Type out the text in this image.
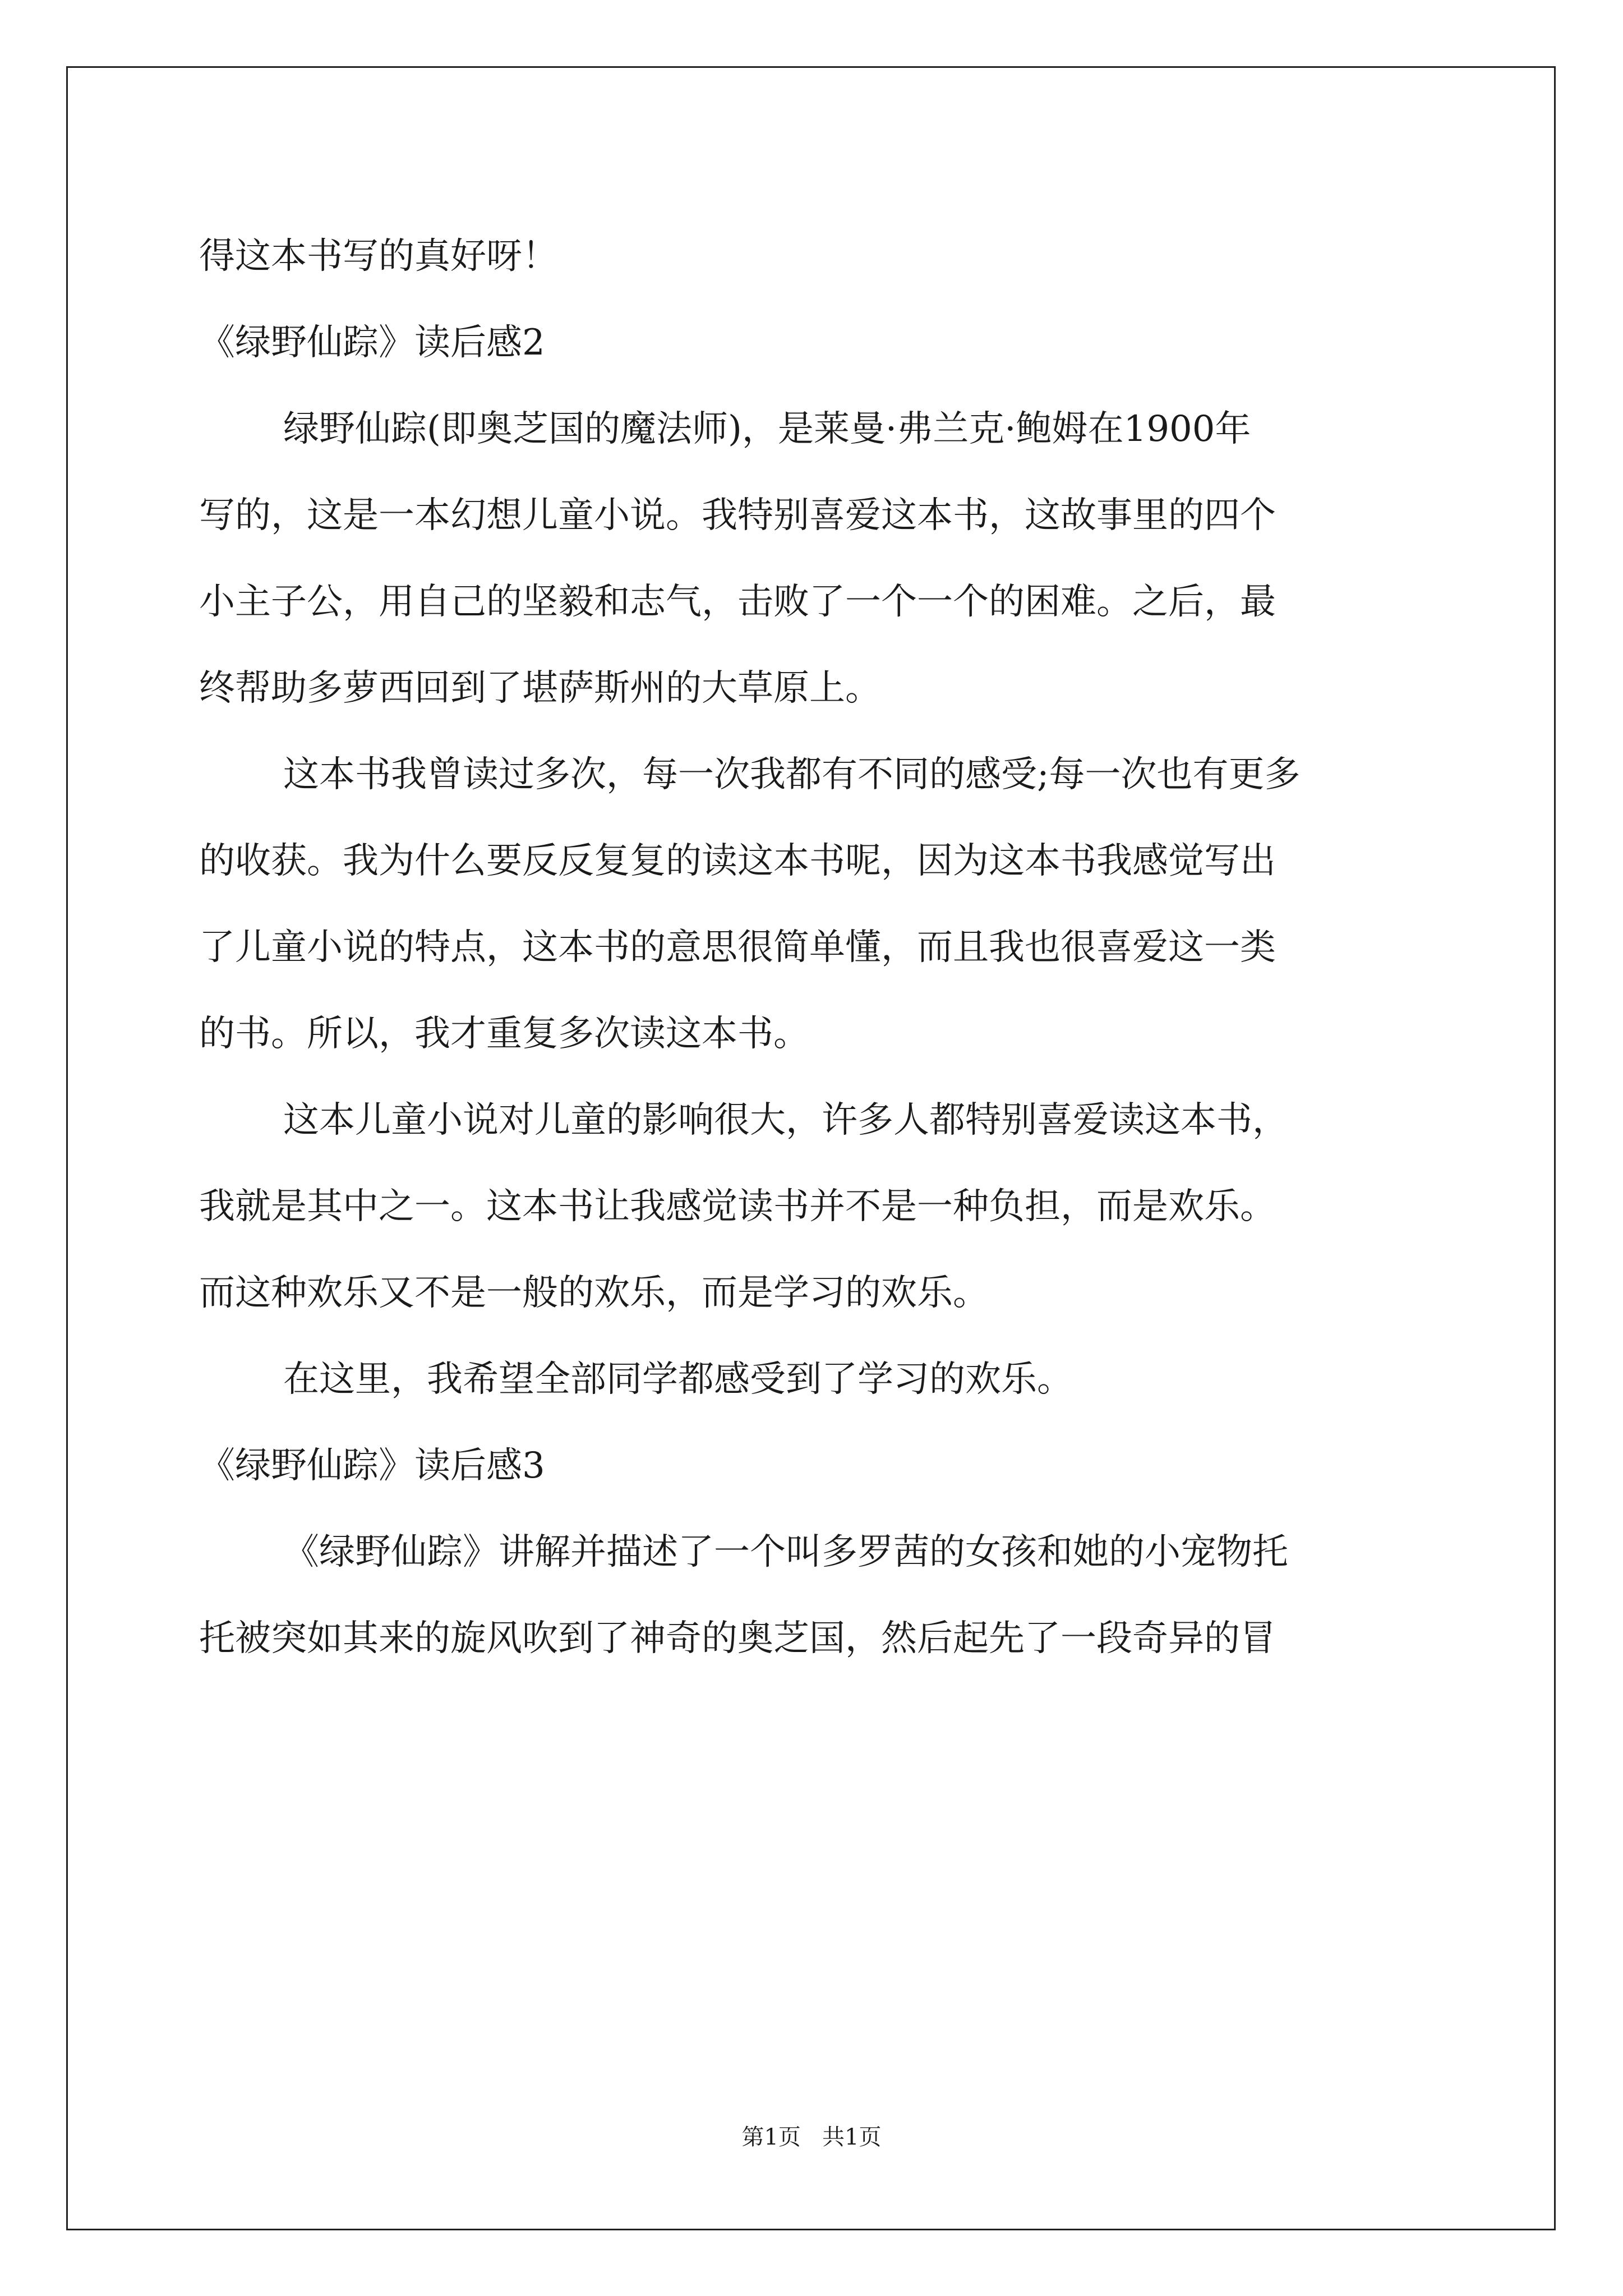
得这本书写的真好呀！
《绿野仙踪》读后感2
绿野仙踪(即奥芝国的魔法师)，是莱曼·弗兰克·鲍姆在1900年
写的，这是一本幻想儿童小说。我特别喜爱这本书，这故事里的四个
小主子公，用自己的坚毅和志气，击败了一个一个的困难。之后，最
终帮助多萝西回到了堪萨斯州的大草原上。
这本书我曾读过多次，每一次我都有不同的感受;每一次也有更多
的收获。我为什么要反反复复的读这本书呢，因为这本书我感觉写出
了儿童小说的特点，这本书的意思很简单懂，而且我也很喜爱这一类
的书。所以，我才重复多次读这本书。
这本儿童小说对儿童的影响很大，许多人都特别喜爱读这本书，
我就是其中之一。这本书让我感觉读书并不是一种负担，而是欢乐。
而这种欢乐又不是一般的欢乐，而是学习的欢乐。
在这里，我希望全部同学都感受到了学习的欢乐。
《绿野仙踪》读后感3
《绿野仙踪》讲解并描述了一个叫多罗茜的女孩和她的小宠物托
托被突如其来的旋风吹到了神奇的奥芝国，然后起先了一段奇异的冒
第1页   共1页
